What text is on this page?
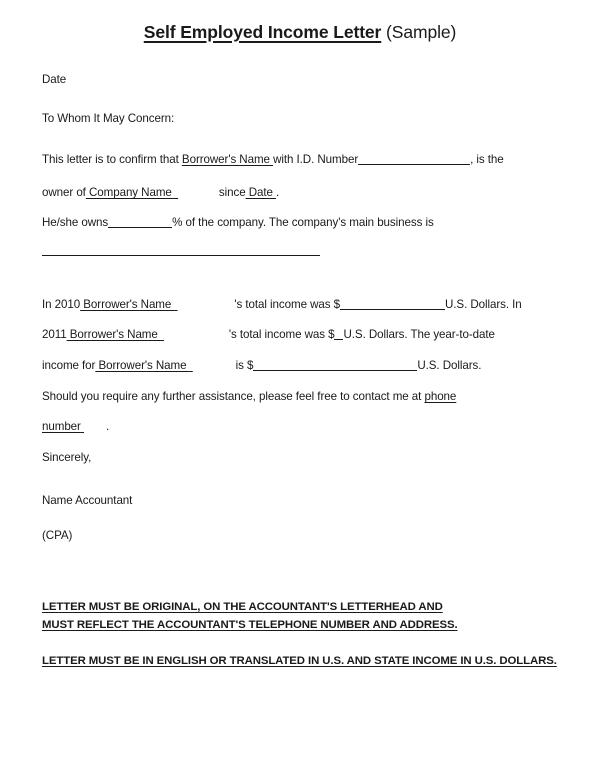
Self Employed Income Letter (Sample)
Date
To Whom It May Concern:
This letter is to confirm that Borrower's Name with I.D. Number	, is the
owner of Company Name	since Date .
He/she owns	% of the company. The company's main business is
In 2010 Borrower's Name	's total income was $	U.S. Dollars. In
2011 Borrower's Name	's total income was $ U.S. Dollars. The year-to-date
income for Borrower's Name	is $	U.S. Dollars.
Should you require any further assistance, please feel free to contact me at phone
number  .
Sincerely,
Name Accountant
(CPA)
LETTER MUST BE ORIGINAL, ON THE ACCOUNTANT'S LETTERHEAD AND
MUST REFLECT THE ACCOUNTANT'S TELEPHONE NUMBER AND ADDRESS.
LETTER MUST BE IN ENGLISH OR TRANSLATED IN U.S. AND STATE INCOME IN U.S. DOLLARS.
